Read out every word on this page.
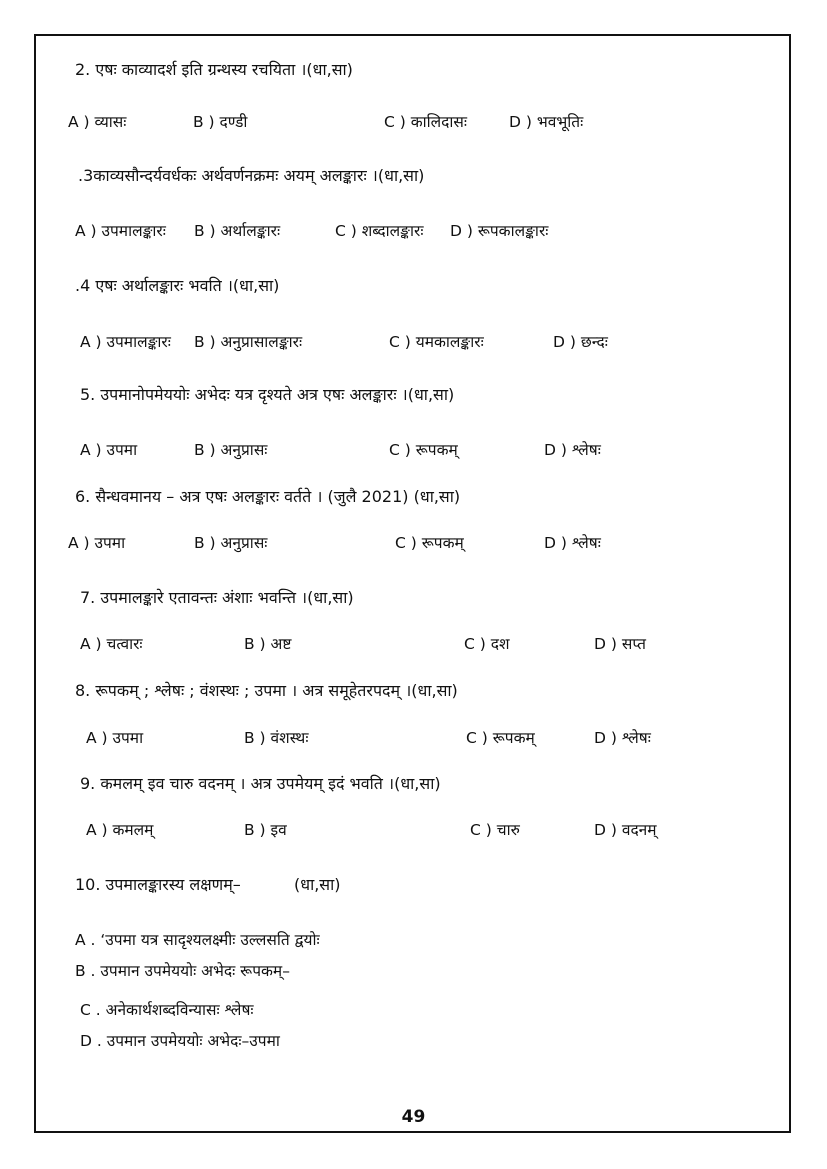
2. एषः काव्यादर्श इति ग्रन्थस्य रचयिता ।(धा,सा)
A ) व्यासः	B ) दण्डी	C ) कालिदासः	D ) भवभूतिः
.3काव्यसौन्दर्यवर्धकः अर्थवर्णनक्रमः अयम् अलङ्कारः ।(धा,सा)
A ) उपमालङ्कारः B ) अर्थालङ्कारः	C ) शब्दालङ्कारः D ) रूपकालङ्कारः
.4 एषः अर्थालङ्कारः भवति ।(धा,सा)
A ) उपमालङ्कारः B ) अनुप्रासालङ्कारः	C ) यमकालङ्कारः	D ) छन्दः
5. उपमानोपमेययोः अभेदः यत्र दृश्यते अत्र एषः अलङ्कारः ।(धा,सा)
A ) उपमा	B ) अनुप्रासः	C ) रूपकम्	D ) श्लेषः
6. सैन्धवमानय – अत्र एषः अलङ्कारः वर्तते । (जुलै 2021) (धा,सा)
A ) उपमा	B ) अनुप्रासः	C ) रूपकम्	D ) श्लेषः
7. उपमालङ्कारे एतावन्तः अंशाः भवन्ति ।(धा,सा)
A ) चत्वारः	B ) अष्ट	C ) दश	D ) सप्त
8. रूपकम् ; श्लेषः ; वंशस्थः ; उपमा । अत्र समूहेतरपदम् ।(धा,सा)
A ) उपमा	B ) वंशस्थः	C ) रूपकम्	D ) श्लेषः
9. कमलम् इव चारु वदनम् । अत्र उपमेयम् इदं भवति ।(धा,सा)
A ) कमलम्	B ) इव	C ) चारु	D ) वदनम्
10. उपमालङ्कारस्य लक्षणम्–	(धा,सा)
A . ‘उपमा यत्र सादृश्यलक्ष्मीः उल्लसति द्वयोः
B . उपमान उपमेययोः अभेदः रूपकम्–
C . अनेकार्थशब्दविन्यासः श्लेषः
D . उपमान उपमेययोः अभेदः–उपमा
49
